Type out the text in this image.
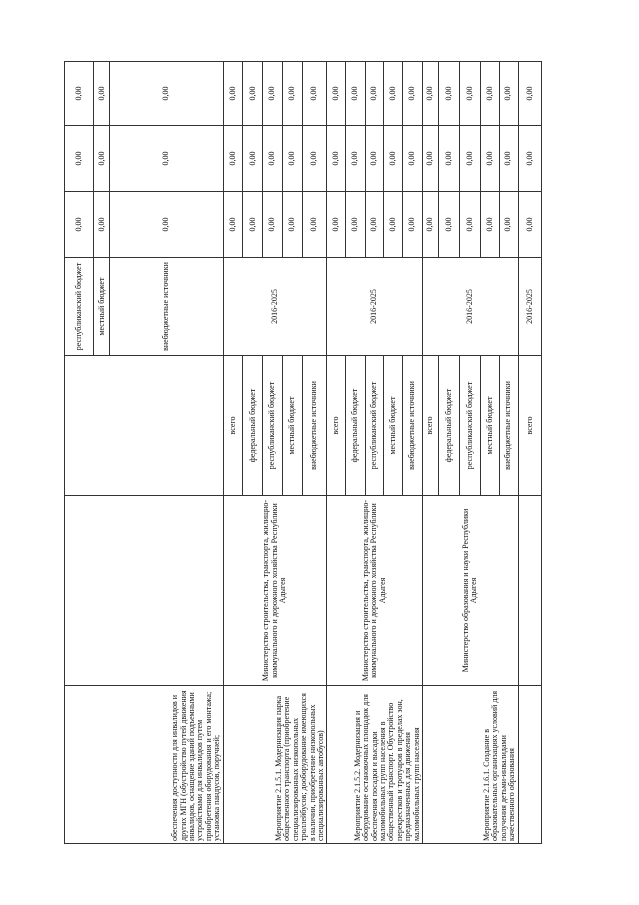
обеспечения доступности для инвалидов и других МГН (обустройство путей движения инвалидов, оснащение зданий подъемными устройствами для инвалидов путем приобретения оборудования и его монтажа; установка пандусов, поручней;			республиканский бюджет	0,00	0,00	0,00
			местный бюджет	0,00	0,00	0,00
			внебюджетные источники	0,00	0,00	0,00
Мероприятие 2.1.5.1. Модернизация парка общественного транспорта (приобретение специализированных низкопольных троллейбусов; дооборудование имеющихся в наличии, приобретение низкопольных специализированных автобусов)	Министерство строительства, транспорта, жилищно-коммунального и дорожного хозяйства Республики Адыгея	всего	2016-2025	0,00	0,00	0,00
		федеральный бюджет		0,00	0,00	0,00
		республиканский бюджет		0,00	0,00	0,00
		местный бюджет		0,00	0,00	0,00
		внебюджетные источники		0,00	0,00	0,00
Мероприятие 2.1.5.2. Модернизация и оборудование остановочных площадок для обеспечения посадки и высадки маломобильных групп населения в общественный транспорт. Обустройство перекрестков и тротуаров в пределах зон, предназначенных для движения маломобильных групп населения	Министерство строительства, транспорта, жилищно-коммунального и дорожного хозяйства Республики Адыгея	всего	2016-2025	0,00	0,00	0,00
		федеральный бюджет		0,00	0,00	0,00
		республиканский бюджет		0,00	0,00	0,00
		местный бюджет		0,00	0,00	0,00
		внебюджетные источники		0,00	0,00	0,00
Мероприятие 2.1.6.1. Создание в образовательных организациях условий для получения детьми-инвалидами качественного образования	Министерство образования и науки Республики Адыгея	всего	2016-2025	0,00	0,00	0,00
		федеральный бюджет		0,00	0,00	0,00
		республиканский бюджет		0,00	0,00	0,00
		местный бюджет		0,00	0,00	0,00
		внебюджетные источники		0,00	0,00	0,00
		всего	2016-2025	0,00	0,00	0,00
